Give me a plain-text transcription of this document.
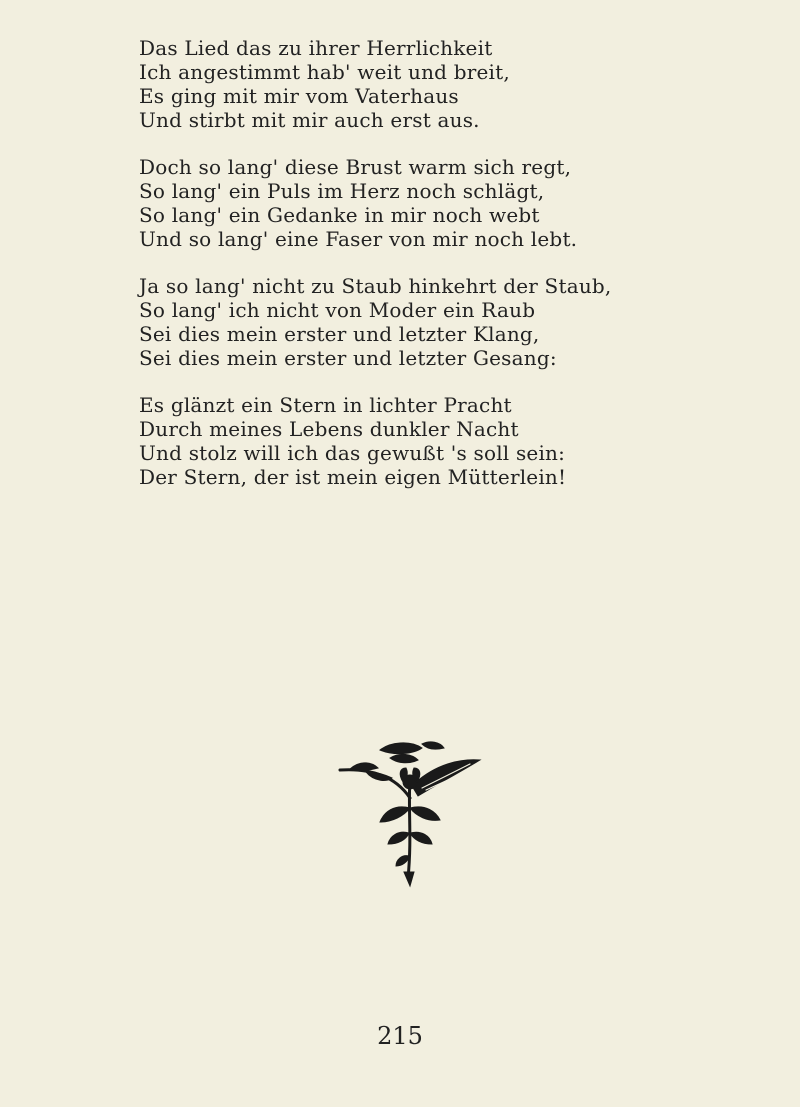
Das Lied das zu ihrer Herrlichkeit
Ich angestimmt hab' weit und breit,
Es ging mit mir vom Vaterhaus
Und stirbt mit mir auch erst aus.
Doch so lang' diese Brust warm sich regt,
So lang' ein Puls im Herz noch schlägt,
So lang' ein Gedanke in mir noch webt
Und so lang' eine Faser von mir noch lebt.
Ja so lang' nicht zu Staub hinkehrt der Staub,
So lang' ich nicht von Moder ein Raub
Sei dies mein erster und letzter Klang,
Sei dies mein erster und letzter Gesang:
Es glänzt ein Stern in lichter Pracht
Durch meines Lebens dunkler Nacht
Und stolz will ich das gewußt 's soll sein:
Der Stern, der ist mein eigen Mütterlein!
215
